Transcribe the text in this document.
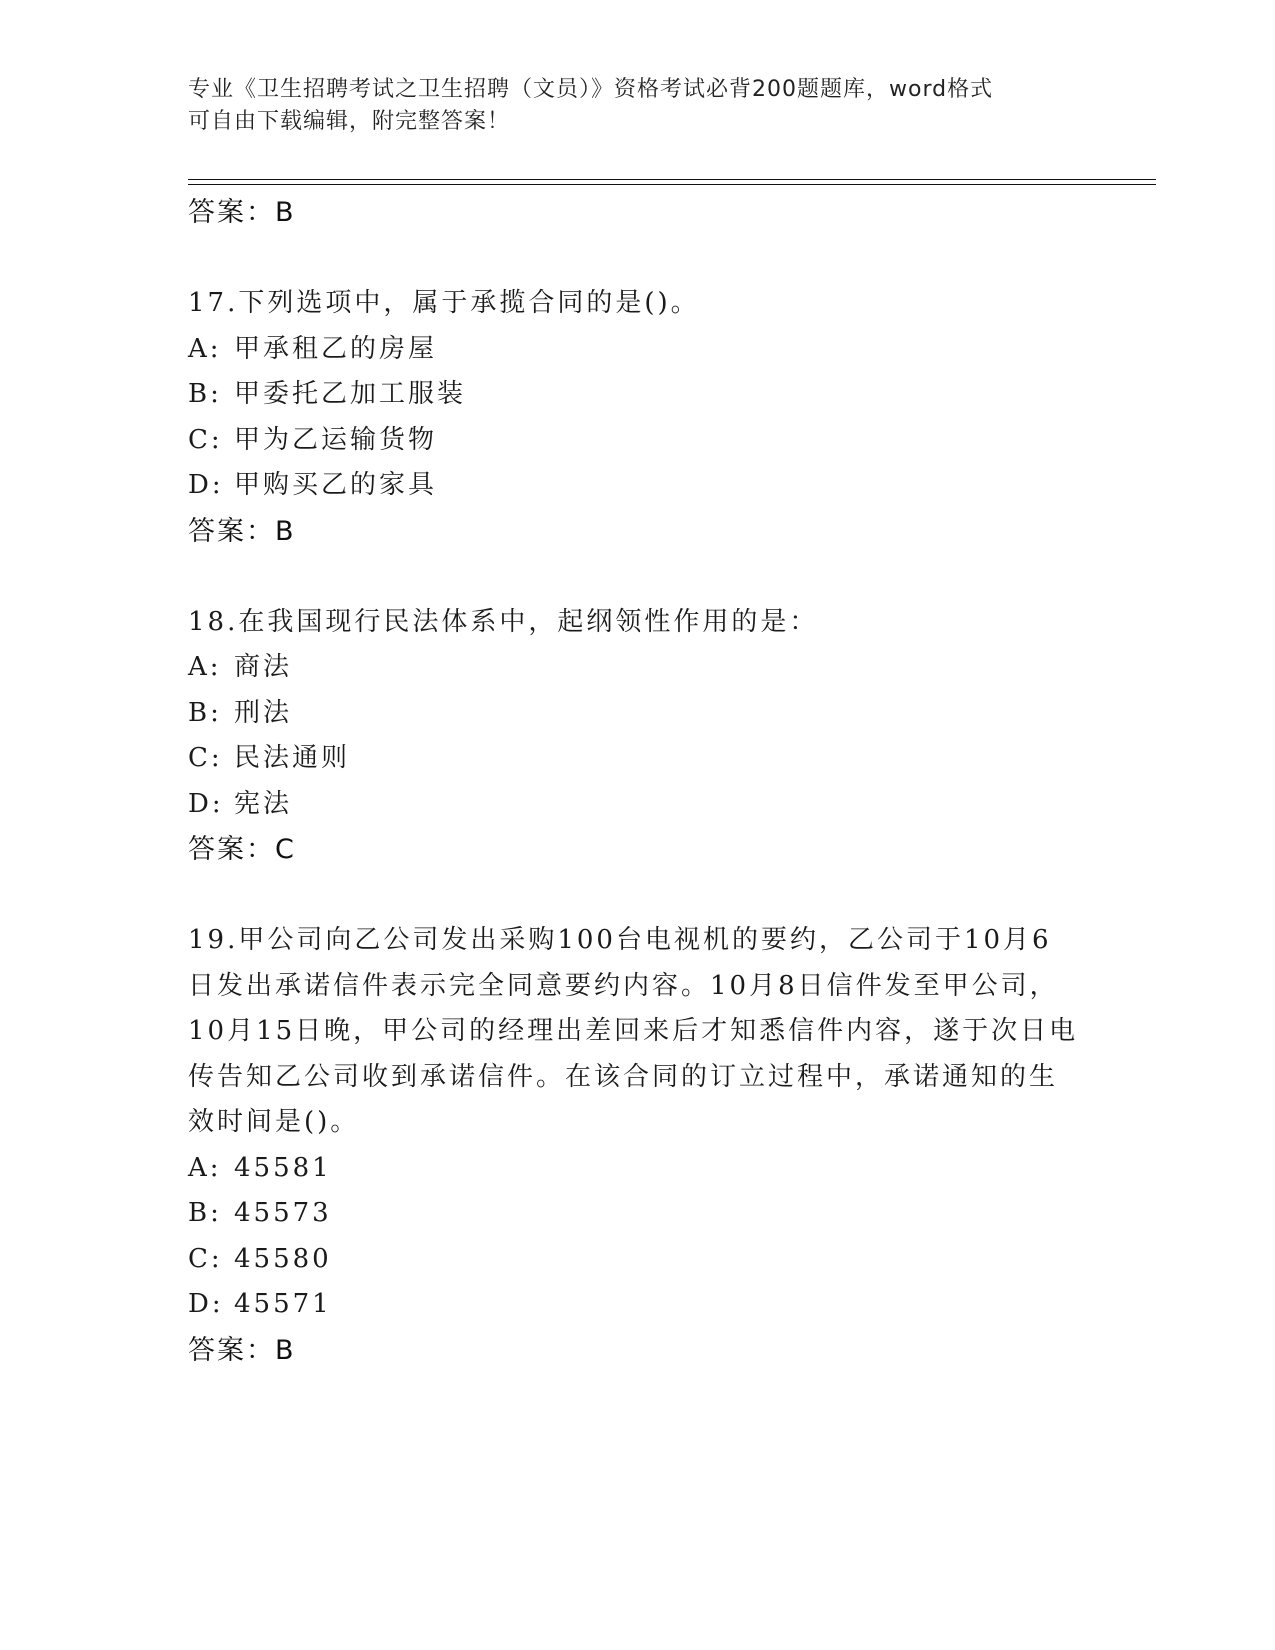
专业《卫生招聘考试之卫生招聘（文员）》资格考试必背200题题库，word格式
可自由下载编辑，附完整答案！
答案：B
17.下列选项中，属于承揽合同的是()。
A: 甲承租乙的房屋
B: 甲委托乙加工服装
C: 甲为乙运输货物
D: 甲购买乙的家具
答案：B
18.在我国现行民法体系中，起纲领性作用的是：
A: 商法
B: 刑法
C: 民法通则
D: 宪法
答案：C
19.甲公司向乙公司发出采购100台电视机的要约，乙公司于10月6
日发出承诺信件表示完全同意要约内容。10月8日信件发至甲公司，
10月15日晚，甲公司的经理出差回来后才知悉信件内容，遂于次日电
传告知乙公司收到承诺信件。在该合同的订立过程中，承诺通知的生
效时间是()。
A: 45581
B: 45573
C: 45580
D: 45571
答案：B
